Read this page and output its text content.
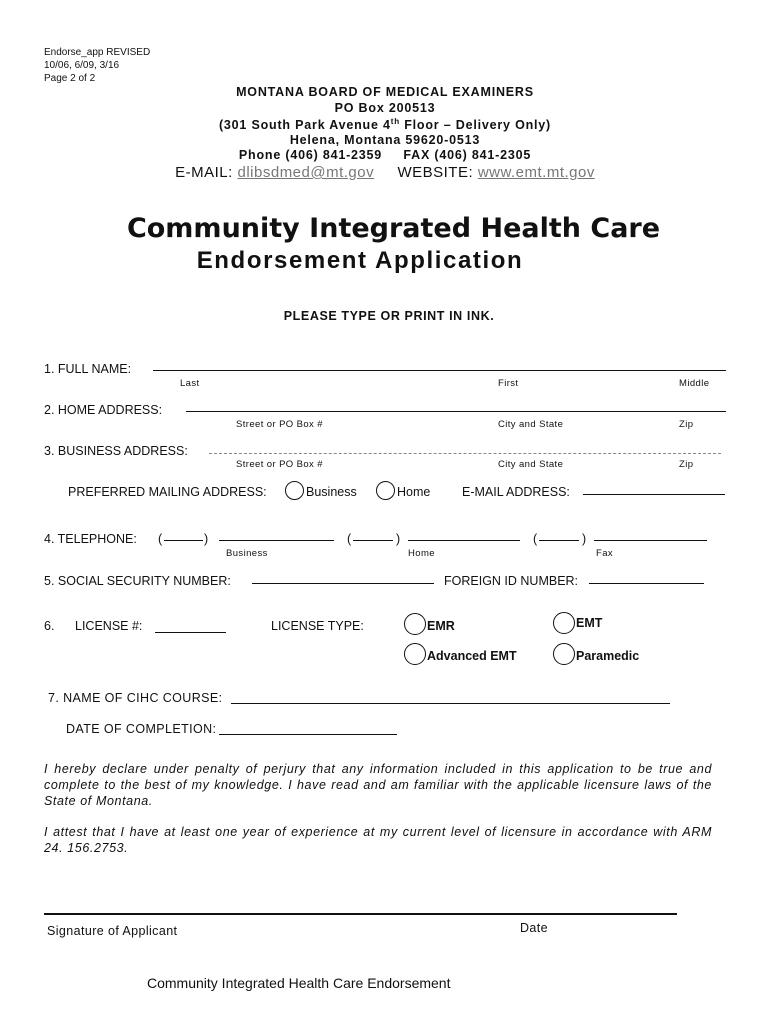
Endorse_app REVISED
10/06, 6/09, 3/16
Page 2 of 2
MONTANA BOARD OF MEDICAL EXAMINERS
PO Box 200513
(301 South Park Avenue 4th Floor – Delivery Only)
Helena, Montana 59620-0513
Phone (406) 841-2359     FAX (406) 841-2305
E-MAIL: dlibsdmed@mt.gov WEBSITE: www.emt.mt.gov
Community Integrated Health Care
Endorsement Application
PLEASE TYPE OR PRINT IN INK.
1. FULL NAME:
Last	First	Middle
2. HOME ADDRESS:
Street or PO Box #	City and State	Zip
3. BUSINESS ADDRESS:
Street or PO Box #	City and State	Zip
PREFERRED MAILING ADDRESS:	Business	Home	E-MAIL ADDRESS:
4. TELEPHONE: (	)
Business
(	)
Home
(	)
Fax
5. SOCIAL SECURITY NUMBER:	FOREIGN ID NUMBER:
6. LICENSE #:	LICENSE TYPE:	EMR	EMT
Advanced EMT	Paramedic
7. NAME OF CIHC COURSE:
DATE OF COMPLETION:
I hereby declare under penalty of perjury that any information included in this application to be true and complete to the best of my knowledge. I have read and am familiar with the applicable licensure laws of the State of Montana.
I attest that I have at least one year of experience at my current level of licensure in accordance with ARM 24. 156.2753.
Signature of Applicant	Date
Community Integrated Health Care Endorsement
